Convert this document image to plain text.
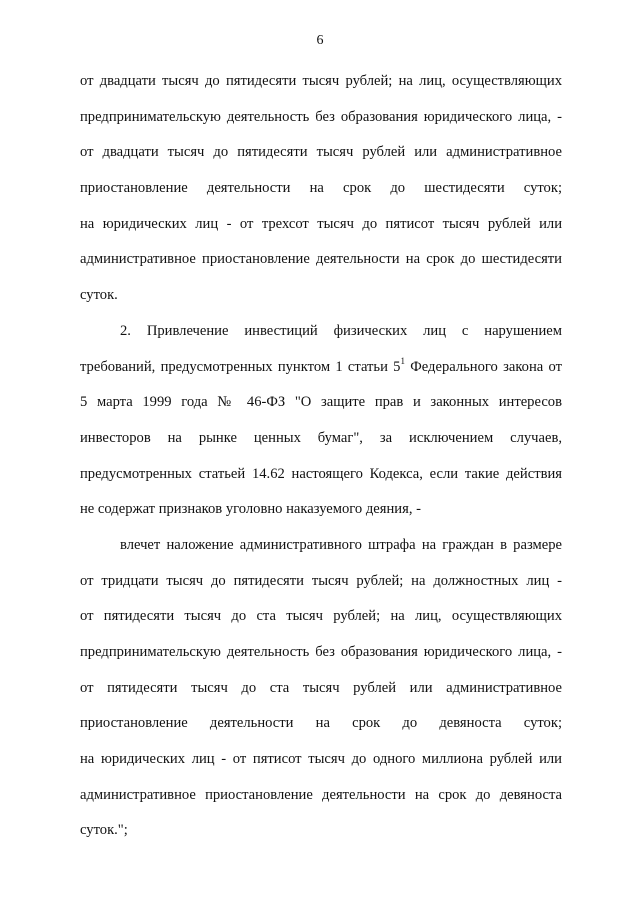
6
от двадцати тысяч до пятидесяти тысяч рублей; на лиц, осуществляющих
предпринимательскую деятельность без образования юридического лица, -
от двадцати тысяч до пятидесяти тысяч рублей или административное
приостановление деятельности на срок до шестидесяти суток;
на юридических лиц - от трехсот тысяч до пятисот тысяч рублей или
административное приостановление деятельности на срок до шестидесяти
суток.
2. Привлечение инвестиций физических лиц с нарушением
требований, предусмотренных пунктом 1 статьи $5^1$ Федерального закона от
5 марта 1999 года № 46-ФЗ "О защите прав и законных интересов
инвесторов на рынке ценных бумаг", за исключением случаев,
предусмотренных статьей 14.62 настоящего Кодекса, если такие действия
не содержат признаков уголовно наказуемого деяния, -
влечет наложение административного штрафа на граждан в размере
от тридцати тысяч до пятидесяти тысяч рублей; на должностных лиц -
от пятидесяти тысяч до ста тысяч рублей; на лиц, осуществляющих
предпринимательскую деятельность без образования юридического лица, -
от пятидесяти тысяч до ста тысяч рублей или административное
приостановление деятельности на срок до девяноста суток;
на юридических лиц - от пятисот тысяч до одного миллиона рублей или
административное приостановление деятельности на срок до девяноста
суток.";
